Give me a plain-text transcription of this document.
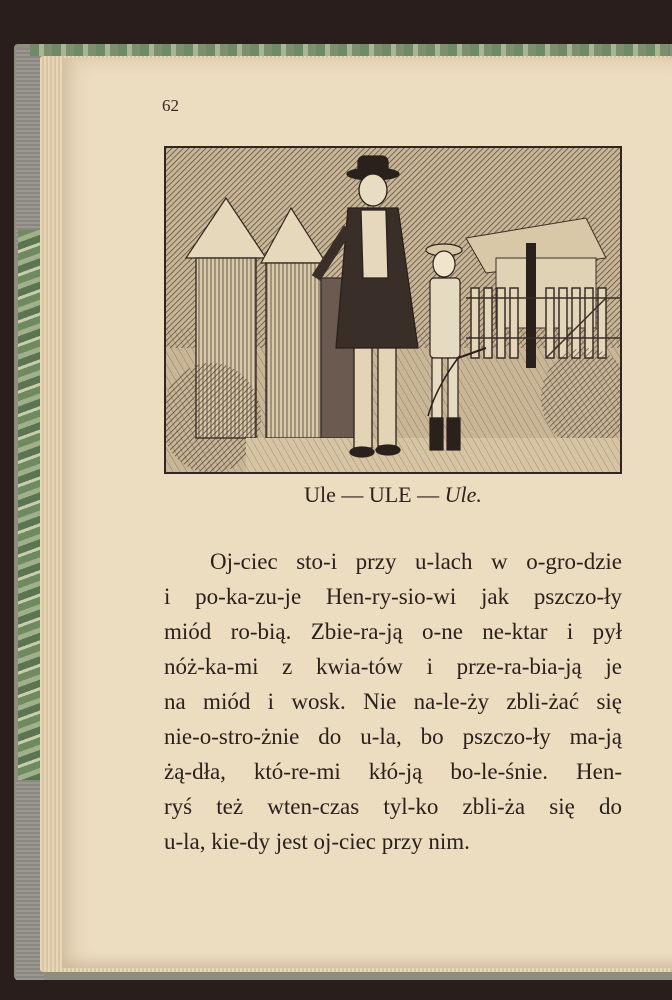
62
Ule — ULE — Ule.
Oj-ciec sto-i przy u-lach w o-gro-dzie
i po-ka-zu-je Hen-ry-sio-wi jak pszczo-ły
miód ro-bią. Zbie-ra-ją o-ne ne-ktar i pył
nóż-ka-mi z kwia-tów i prze-ra-bia-ją je
na miód i wosk. Nie na-le-ży zbli-żać się
nie-o-stro-żnie do u-la, bo pszczo-ły ma-ją
żą-dła, któ-re-mi kłó-ją bo-le-śnie. Hen-
ryś też wten-czas tyl-ko zbli-ża się do
u-la, kie-dy jest oj-ciec przy nim.
